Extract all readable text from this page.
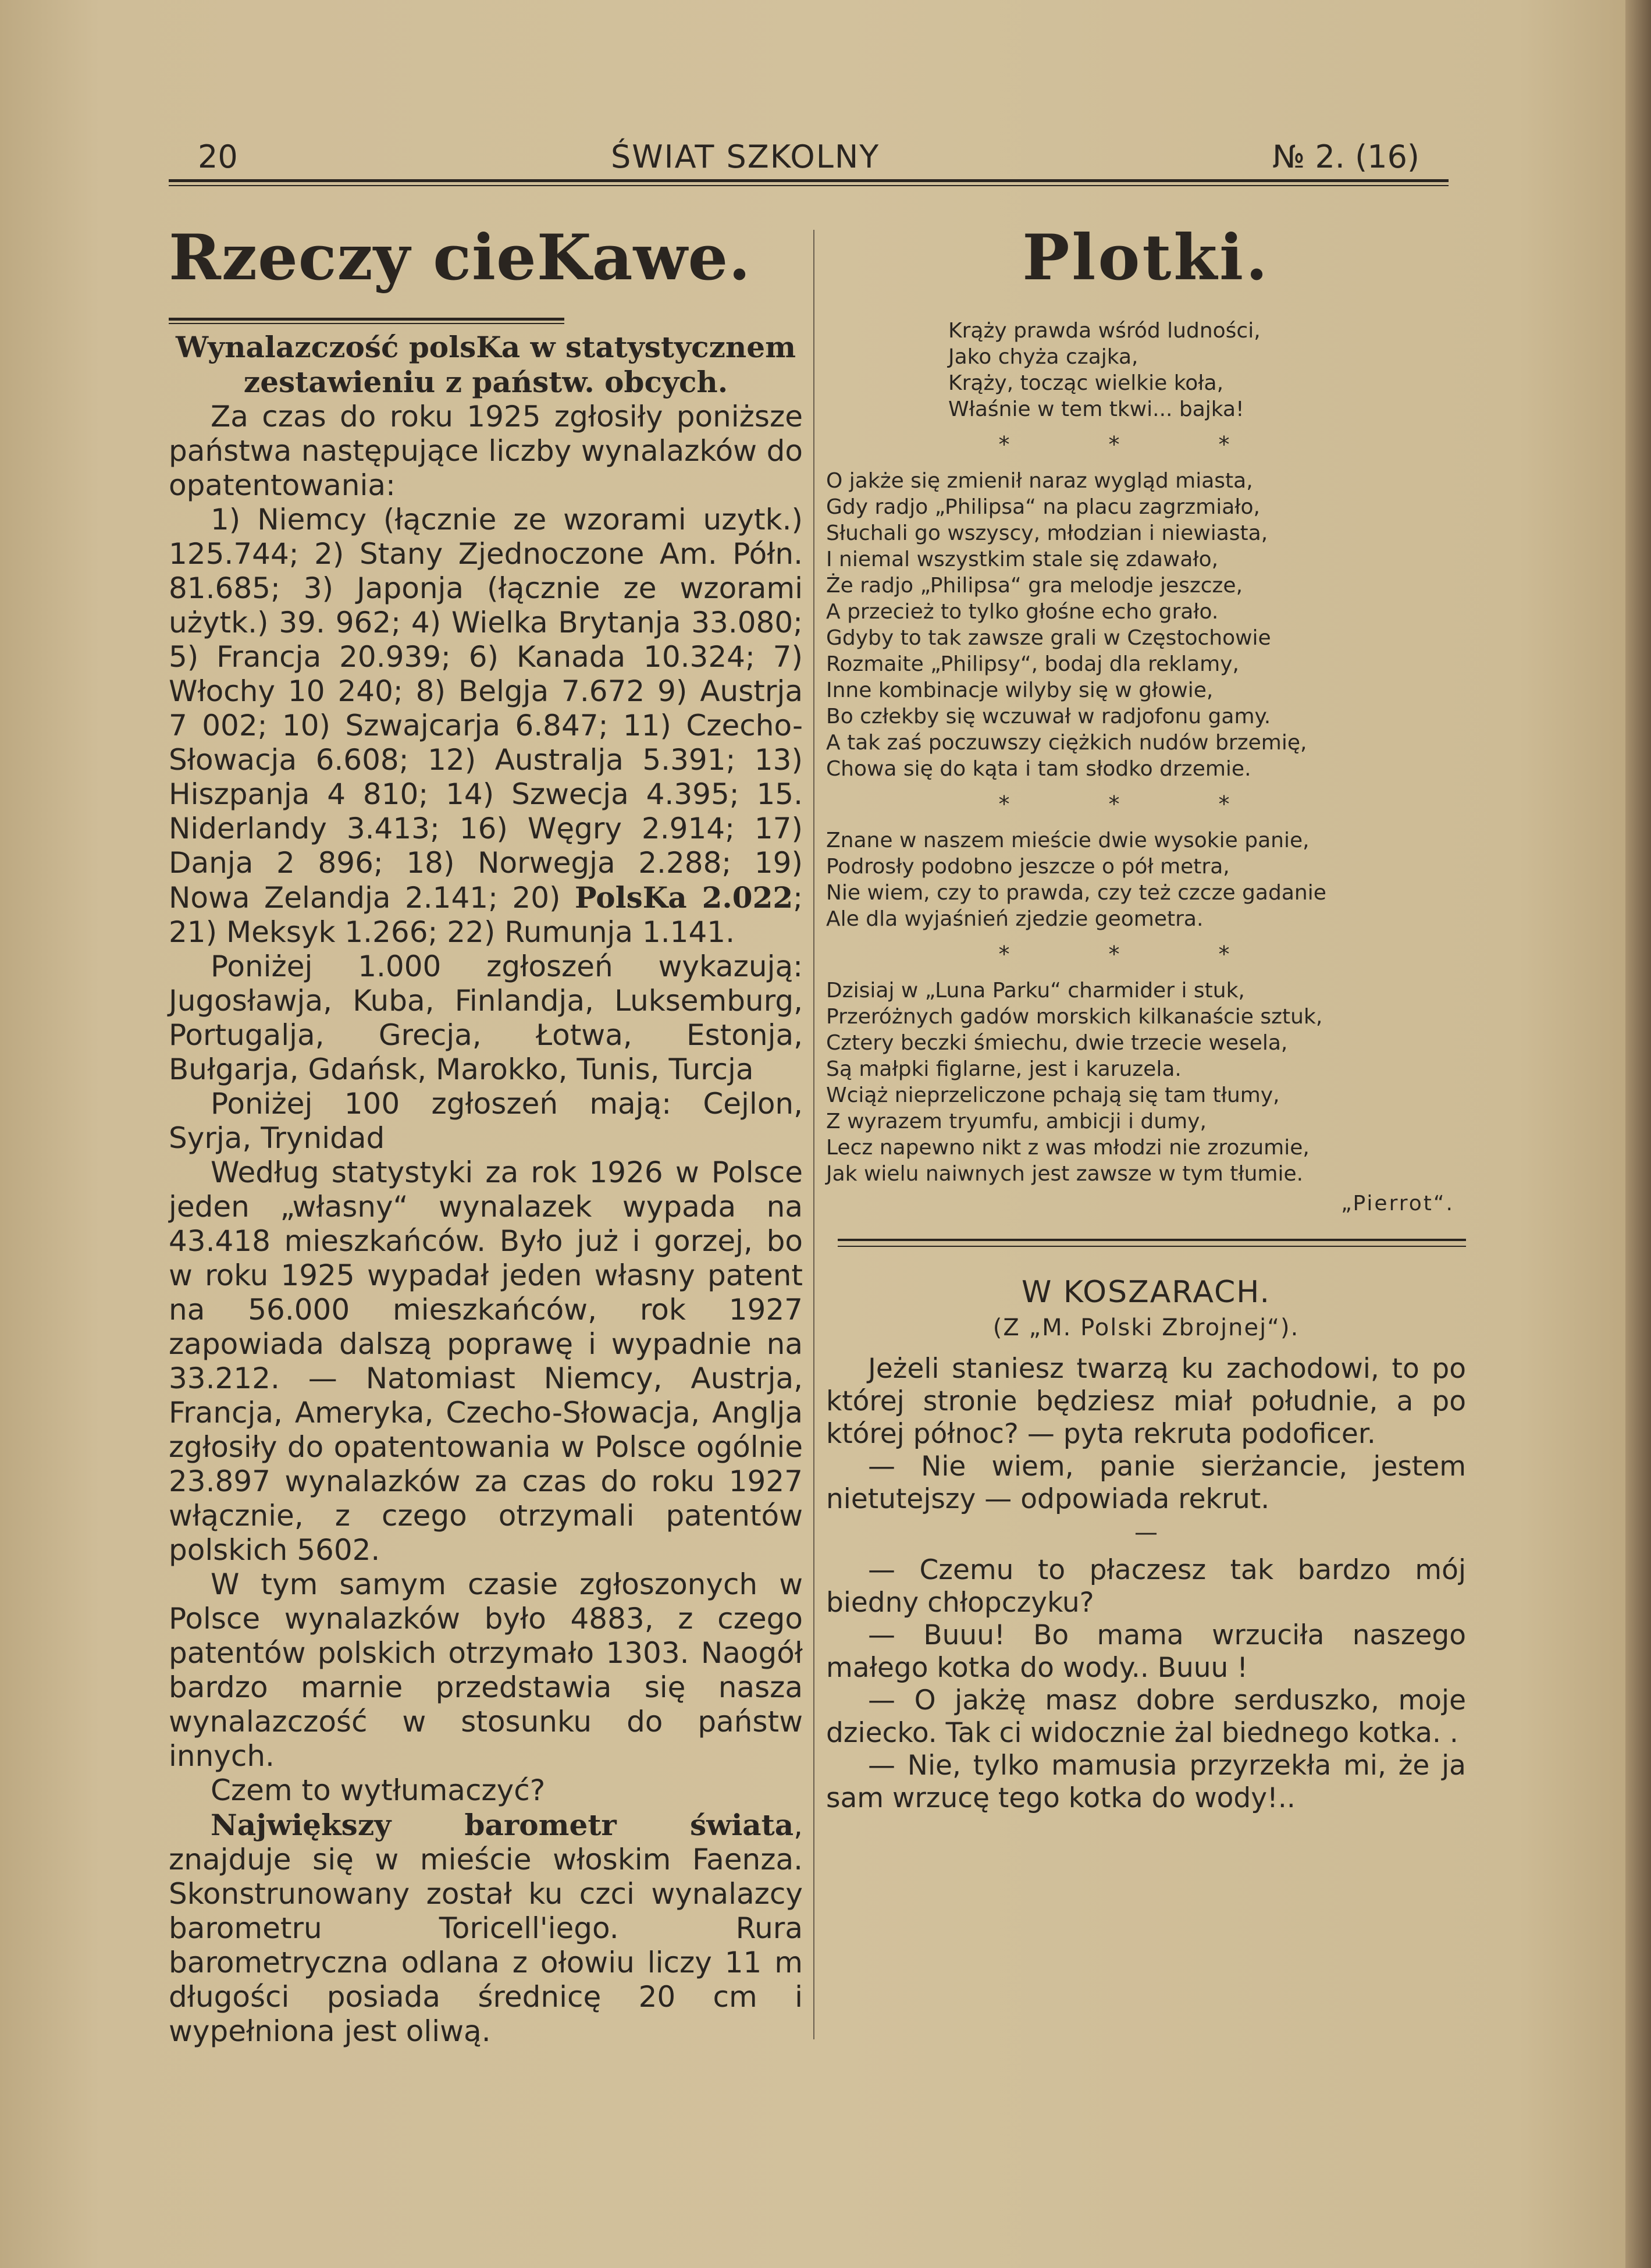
20	ŚWIAT SZKOLNY	№ 2. (16)
Rzeczy cieKawe.

Wynalazczość polsKa w statystycznem zestawieniu z państw. obcych.

Za czas do roku 1925 zgłosiły poniższe państwa następujące liczby wynalazków do opatentowania:

1) Niemcy (łącznie ze wzorami uzytk.) 125.744; 2) Stany Zjednoczone Am. Półn. 81.685; 3) Japonja (łącznie ze wzorami użytk.) 39. 962; 4) Wielka Brytanja 33.080; 5) Francja 20.939; 6) Kanada 10.324; 7) Włochy 10 240; 8) Belgja 7.672 9) Austrja 7 002; 10) Szwajcarja 6.847; 11) Czecho-Słowacja 6.608; 12) Australja 5.391; 13) Hiszpanja 4 810; 14) Szwecja 4.395; 15. Niderlandy 3.413; 16) Węgry 2.914; 17) Danja 2 896; 18) Norwegja 2.288; 19) Nowa Zelandja 2.141; 20) PolsKa 2.022; 21) Meksyk 1.266; 22) Rumunja 1.141.

Poniżej 1.000 zgłoszeń wykazują: Jugosławja, Kuba, Finlandja, Luksemburg, Portugalja, Grecja, Łotwa, Estonja, Bułgarja, Gdańsk, Marokko, Tunis, Turcja

Poniżej 100 zgłoszeń mają: Cejlon, Syrja, Trynidad

Według statystyki za rok 1926 w Polsce jeden „własny“ wynalazek wypada na 43.418 mieszkańców. Było już i gorzej, bo w roku 1925 wypadał jeden własny patent na 56.000 mieszkańców, rok 1927 zapowiada dalszą poprawę i wypadnie na 33.212. — Natomiast Niemcy, Austrja, Francja, Ameryka, Czecho-Słowacja, Anglja zgłosiły do opatentowania w Polsce ogólnie 23.897 wynalazków za czas do roku 1927 włącznie, z czego otrzymali patentów polskich 5602.

W tym samym czasie zgłoszonych w Polsce wynalazków było 4883, z czego patentów polskich otrzymało 1303. Naogół bardzo marnie przedstawia się nasza wynalazczość w stosunku do państw innych.

Czem to wytłumaczyć?

Największy barometr świata, znajduje się w mieście włoskim Faenza. Skonstrunowany został ku czci wynalazcy barometru Toricell'iego. Rura barometryczna odlana z ołowiu liczy 11 m długości posiada średnicę 20 cm i wypełniona jest oliwą.

Plotki.

Krąży prawda wśród ludności,

Jako chyża czajka,

Krąży, tocząc wielkie koła,

Właśnie w tem tkwi... bajka!

***

O jakże się zmienił naraz wygląd miasta,

Gdy radjo „Philipsa“ na placu zagrzmiało,

Słuchali go wszyscy, młodzian i niewiasta,

I niemal wszystkim stale się zdawało,

Że radjo „Philipsa“ gra melodje jeszcze,

A przecież to tylko głośne echo grało.

Gdyby to tak zawsze grali w Częstochowie

Rozmaite „Philipsy“, bodaj dla reklamy,

Inne kombinacje wilyby się w głowie,

Bo człekby się wczuwał w radjofonu gamy.

A tak zaś poczuwszy ciężkich nudów brzemię,

Chowa się do kąta i tam słodko drzemie.

***

Znane w naszem mieście dwie wysokie panie,

Podrosły podobno jeszcze o pół metra,

Nie wiem, czy to prawda, czy też czcze gadanie

Ale dla wyjaśnień zjedzie geometra.

***

Dzisiaj w „Luna Parku“ charmider i stuk,

Przeróżnych gadów morskich kilkanaście sztuk,

Cztery beczki śmiechu, dwie trzecie wesela,

Są małpki figlarne, jest i karuzela.

Wciąż nieprzeliczone pchają się tam tłumy,

Z wyrazem tryumfu, ambicji i dumy,

Lecz napewno nikt z was młodzi nie zrozumie,

Jak wielu naiwnych jest zawsze w tym tłumie.

„Pierrot“.

W KOSZARACH.

(Z „M. Polski Zbrojnej“).

Jeżeli staniesz twarzą ku zachodowi, to po której stronie będziesz miał południe, a po której północ? — pyta rekruta podoficer.

— Nie wiem, panie sierżancie, jestem nietutejszy — odpowiada rekrut.

—

— Czemu to płaczesz tak bardzo mój biedny chłopczyku?

— Buuu! Bo mama wrzuciła naszego małego kotka do wody.. Buuu !

— O jakżę masz dobre serduszko, moje dziecko. Tak ci widocznie żal biednego kotka. .

— Nie, tylko mamusia przyrzekła mi, że ja sam wrzucę tego kotka do wody!..
